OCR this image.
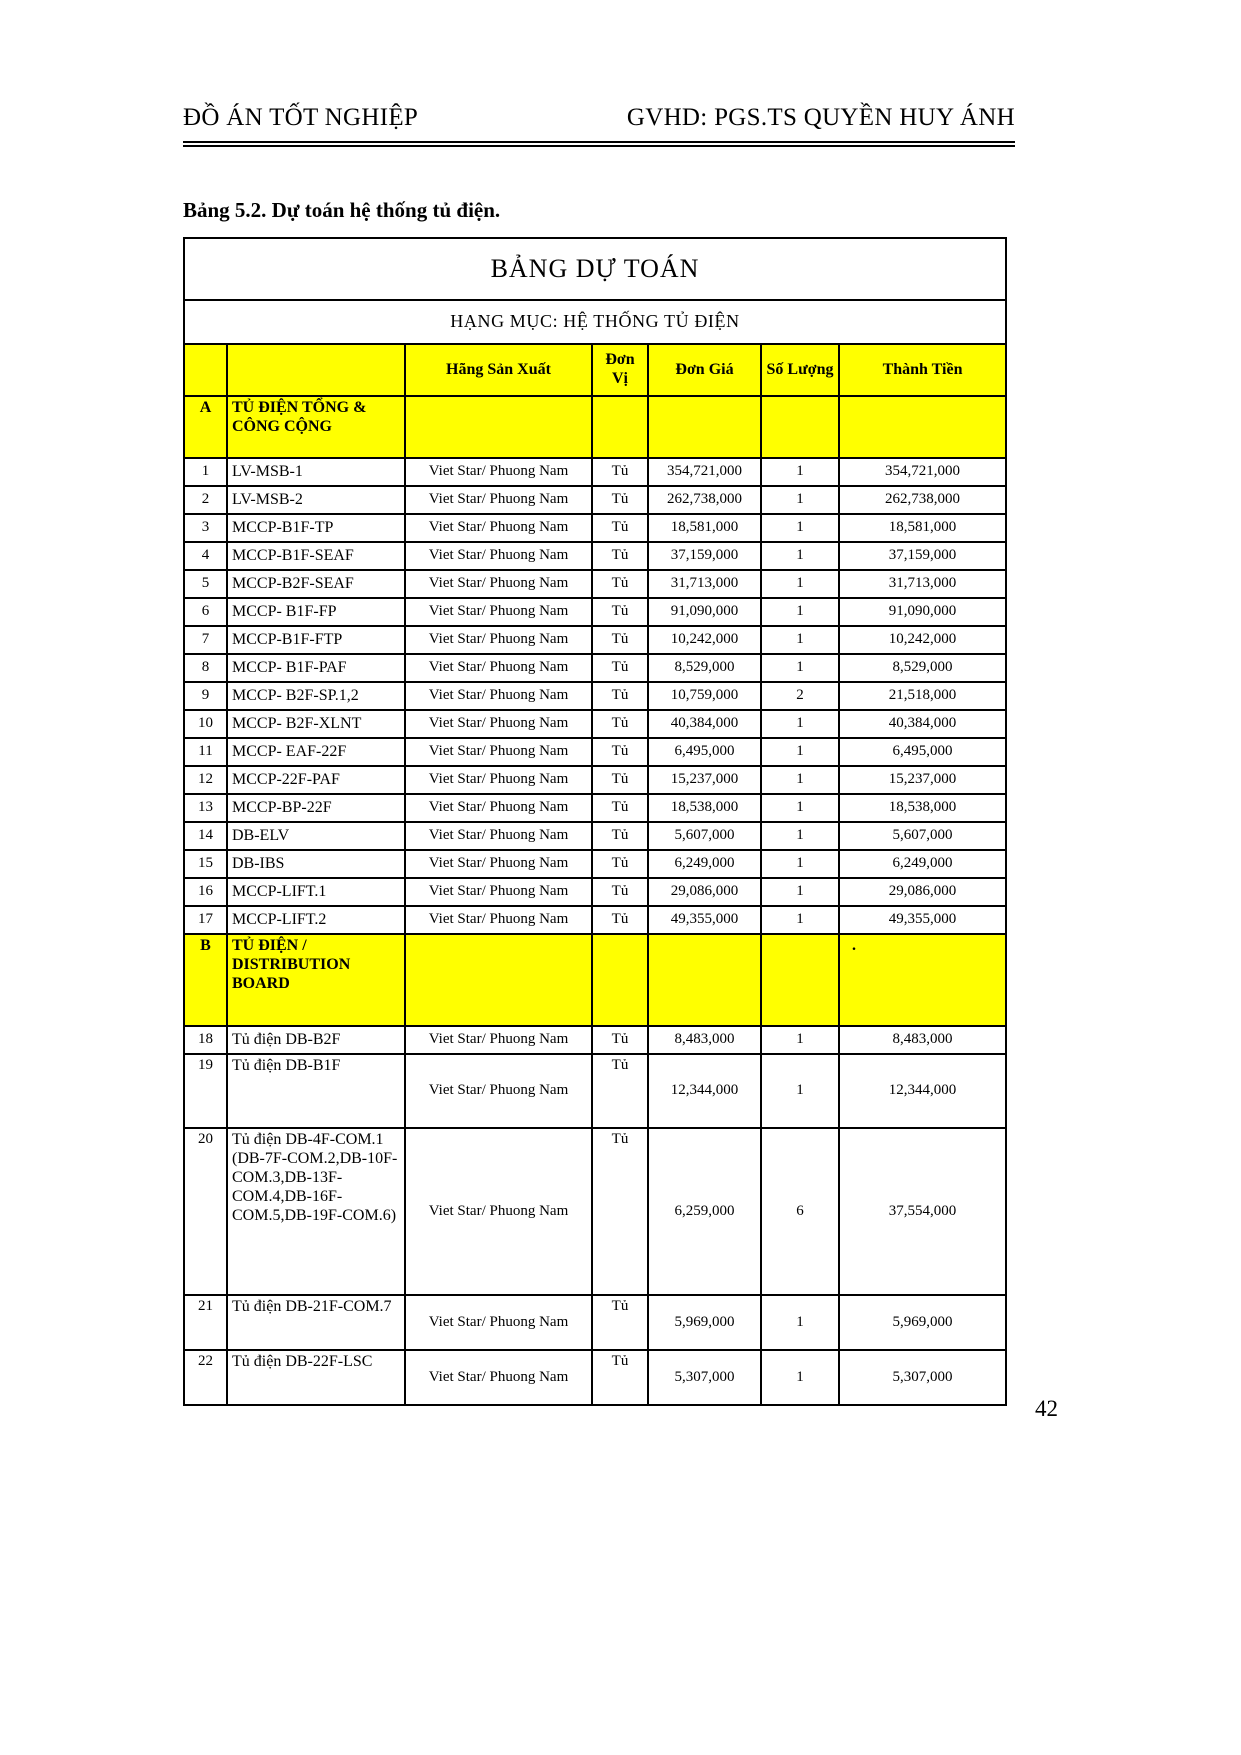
ĐỒ ÁN TỐT NGHIỆP	GVHD: PGS.TS QUYỀN HUY ÁNH
Bảng 5.2. Dự toán hệ thống tủ điện.
BẢNG DỰ TOÁN						
HẠNG MỤC: HỆ THỐNG TỦ ĐIỆN						
		Hãng Sản Xuất	Đơn Vị	Đơn Giá	Số Lượng	Thành Tiền
A	TỦ ĐIỆN TỔNG & CÔNG CỘNG					
1	LV-MSB-1	Viet Star/ Phuong Nam	Tủ	354,721,000	1	354,721,000
2	LV-MSB-2	Viet Star/ Phuong Nam	Tủ	262,738,000	1	262,738,000
3	MCCP-B1F-TP	Viet Star/ Phuong Nam	Tủ	18,581,000	1	18,581,000
4	MCCP-B1F-SEAF	Viet Star/ Phuong Nam	Tủ	37,159,000	1	37,159,000
5	MCCP-B2F-SEAF	Viet Star/ Phuong Nam	Tủ	31,713,000	1	31,713,000
6	MCCP- B1F-FP	Viet Star/ Phuong Nam	Tủ	91,090,000	1	91,090,000
7	MCCP-B1F-FTP	Viet Star/ Phuong Nam	Tủ	10,242,000	1	10,242,000
8	MCCP- B1F-PAF	Viet Star/ Phuong Nam	Tủ	8,529,000	1	8,529,000
9	MCCP- B2F-SP.1,2	Viet Star/ Phuong Nam	Tủ	10,759,000	2	21,518,000
10	MCCP- B2F-XLNT	Viet Star/ Phuong Nam	Tủ	40,384,000	1	40,384,000
11	MCCP- EAF-22F	Viet Star/ Phuong Nam	Tủ	6,495,000	1	6,495,000
12	MCCP-22F-PAF	Viet Star/ Phuong Nam	Tủ	15,237,000	1	15,237,000
13	MCCP-BP-22F	Viet Star/ Phuong Nam	Tủ	18,538,000	1	18,538,000
14	DB-ELV	Viet Star/ Phuong Nam	Tủ	5,607,000	1	5,607,000
15	DB-IBS	Viet Star/ Phuong Nam	Tủ	6,249,000	1	6,249,000
16	MCCP-LIFT.1	Viet Star/ Phuong Nam	Tủ	29,086,000	1	29,086,000
17	MCCP-LIFT.2	Viet Star/ Phuong Nam	Tủ	49,355,000	1	49,355,000
B	TỦ ĐIỆN / DISTRIBUTION BOARD					.
18	Tủ điện DB-B2F	Viet Star/ Phuong Nam	Tủ	8,483,000	1	8,483,000
19	Tủ điện DB-B1F	Viet Star/ Phuong Nam	Tủ	12,344,000	1	12,344,000
20	Tủ điện DB-4F-COM.1 (DB-7F-COM.2,DB-10F-COM.3,DB-13F-COM.4,DB-16F-COM.5,DB-19F-COM.6)	Viet Star/ Phuong Nam	Tủ	6,259,000	6	37,554,000
21	Tủ điện DB-21F-COM.7	Viet Star/ Phuong Nam	Tủ	5,969,000	1	5,969,000
22	Tủ điện DB-22F-LSC	Viet Star/ Phuong Nam	Tủ	5,307,000	1	5,307,000
42
